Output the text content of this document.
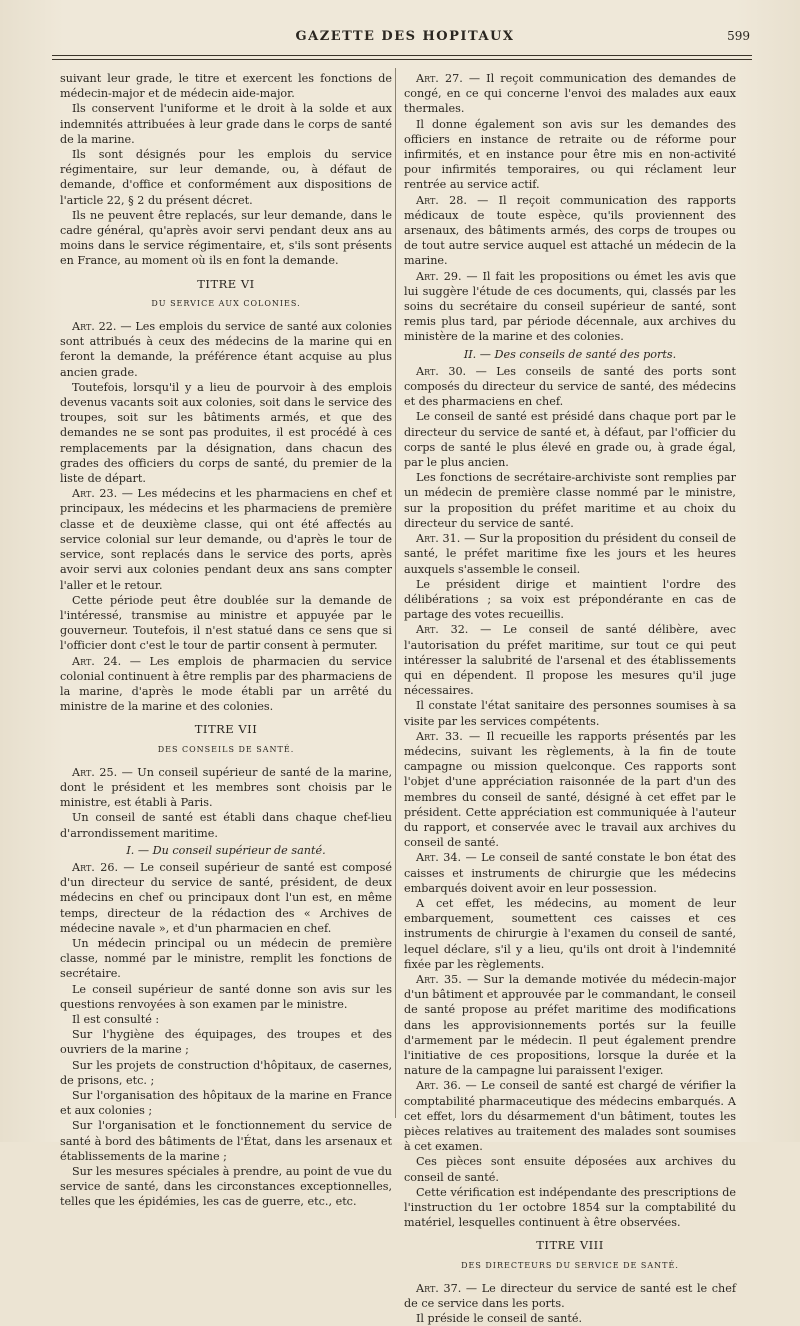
GAZETTE DES HOPITAUX	599

suivant leur grade, le titre et exercent les fonctions de médecin-major et de médecin aide-major.

Ils conservent l'uniforme et le droit à la solde et aux indemnités attribuées à leur grade dans le corps de santé de la marine.

Ils sont désignés pour les emplois du service régimentaire, sur leur demande, ou, à défaut de demande, d'office et conformément aux dispositions de l'article 22, § 2 du présent décret.

Ils ne peuvent être replacés, sur leur demande, dans le cadre général, qu'après avoir servi pendant deux ans au moins dans le service régimentaire, et, s'ils sont présents en France, au moment où ils en font la demande.

TITRE VI

DU SERVICE AUX COLONIES.

Art. 22. — Les emplois du service de santé aux colonies sont attribués à ceux des médecins de la marine qui en feront la demande, la préférence étant acquise au plus ancien grade.

Toutefois, lorsqu'il y a lieu de pourvoir à des emplois devenus vacants soit aux colonies, soit dans le service des troupes, soit sur les bâtiments armés, et que des demandes ne se sont pas produites, il est procédé à ces remplacements par la désignation, dans chacun des grades des officiers du corps de santé, du premier de la liste de départ.

Art. 23. — Les médecins et les pharmaciens en chef et principaux, les médecins et les pharmaciens de première classe et de deuxième classe, qui ont été affectés au service colonial sur leur demande, ou d'après le tour de service, sont replacés dans le service des ports, après avoir servi aux colonies pendant deux ans sans compter l'aller et le retour.

Cette période peut être doublée sur la demande de l'intéressé, transmise au ministre et appuyée par le gouverneur. Toutefois, il n'est statué dans ce sens que si l'officier dont c'est le tour de partir consent à permuter.

Art. 24. — Les emplois de pharmacien du service colonial continuent à être remplis par des pharmaciens de la marine, d'après le mode établi par un arrêté du ministre de la marine et des colonies.

TITRE VII

DES CONSEILS DE SANTÉ.

Art. 25. — Un conseil supérieur de santé de la marine, dont le président et les membres sont choisis par le ministre, est établi à Paris.

Un conseil de santé est établi dans chaque chef-lieu d'arrondissement maritime.

I. — Du conseil supérieur de santé.

Art. 26. — Le conseil supérieur de santé est composé d'un directeur du service de santé, président, de deux médecins en chef ou principaux dont l'un est, en même temps, directeur de la rédaction des « Archives de médecine navale », et d'un pharmacien en chef.

Un médecin principal ou un médecin de première classe, nommé par le ministre, remplit les fonctions de secrétaire.

Le conseil supérieur de santé donne son avis sur les questions renvoyées à son examen par le ministre.

Il est consulté :

Sur l'hygiène des équipages, des troupes et des ouvriers de la marine ;

Sur les projets de construction d'hôpitaux, de casernes, de prisons, etc. ;

Sur l'organisation des hôpitaux de la marine en France et aux colonies ;

Sur l'organisation et le fonctionnement du service de santé à bord des bâtiments de l'État, dans les arsenaux et établissements de la marine ;

Sur les mesures spéciales à prendre, au point de vue du service de santé, dans les circonstances exceptionnelles, telles que les épidémies, les cas de guerre, etc., etc.

Art. 27. — Il reçoit communication des demandes de congé, en ce qui concerne l'envoi des malades aux eaux thermales.

Il donne également son avis sur les demandes des officiers en instance de retraite ou de réforme pour infirmités, et en instance pour être mis en non-activité pour infirmités temporaires, ou qui réclament leur rentrée au service actif.

Art. 28. — Il reçoit communication des rapports médicaux de toute espèce, qu'ils proviennent des arsenaux, des bâtiments armés, des corps de troupes ou de tout autre service auquel est attaché un médecin de la marine.

Art. 29. — Il fait les propositions ou émet les avis que lui suggère l'étude de ces documents, qui, classés par les soins du secrétaire du conseil supérieur de santé, sont remis plus tard, par période décennale, aux archives du ministère de la marine et des colonies.

II. — Des conseils de santé des ports.

Art. 30. — Les conseils de santé des ports sont composés du directeur du service de santé, des médecins et des pharmaciens en chef.

Le conseil de santé est présidé dans chaque port par le directeur du service de santé et, à défaut, par l'officier du corps de santé le plus élevé en grade ou, à grade égal, par le plus ancien.

Les fonctions de secrétaire-archiviste sont remplies par un médecin de première classe nommé par le ministre, sur la proposition du préfet maritime et au choix du directeur du service de santé.

Art. 31. — Sur la proposition du président du conseil de santé, le préfet maritime fixe les jours et les heures auxquels s'assemble le conseil.

Le président dirige et maintient l'ordre des délibérations ; sa voix est prépondérante en cas de partage des votes recueillis.

Art. 32. — Le conseil de santé délibère, avec l'autorisation du préfet maritime, sur tout ce qui peut intéresser la salubrité de l'arsenal et des établissements qui en dépendent. Il propose les mesures qu'il juge nécessaires.

Il constate l'état sanitaire des personnes soumises à sa visite par les services compétents.

Art. 33. — Il recueille les rapports présentés par les médecins, suivant les règlements, à la fin de toute campagne ou mission quelconque. Ces rapports sont l'objet d'une appréciation raisonnée de la part d'un des membres du conseil de santé, désigné à cet effet par le président. Cette appréciation est communiquée à l'auteur du rapport, et conservée avec le travail aux archives du conseil de santé.

Art. 34. — Le conseil de santé constate le bon état des caisses et instruments de chirurgie que les médecins embarqués doivent avoir en leur possession.

A cet effet, les médecins, au moment de leur embarquement, soumettent ces caisses et ces instruments de chirurgie à l'examen du conseil de santé, lequel déclare, s'il y a lieu, qu'ils ont droit à l'indemnité fixée par les règlements.

Art. 35. — Sur la demande motivée du médecin-major d'un bâtiment et approuvée par le commandant, le conseil de santé propose au préfet maritime des modifications dans les approvisionnements portés sur la feuille d'armement par le médecin. Il peut également prendre l'initiative de ces propositions, lorsque la durée et la nature de la campagne lui paraissent l'exiger.

Art. 36. — Le conseil de santé est chargé de vérifier la comptabilité pharmaceutique des médecins embarqués. A cet effet, lors du désarmement d'un bâtiment, toutes les pièces relatives au traitement des malades sont soumises à cet examen.

Ces pièces sont ensuite déposées aux archives du conseil de santé.

Cette vérification est indépendante des prescriptions de l'instruction du 1er octobre 1854 sur la comptabilité du matériel, lesquelles continuent à être observées.

TITRE VIII

DES DIRECTEURS DU SERVICE DE SANTÉ.

Art. 37. — Le directeur du service de santé est le chef de ce service dans les ports.

Il préside le conseil de santé.
